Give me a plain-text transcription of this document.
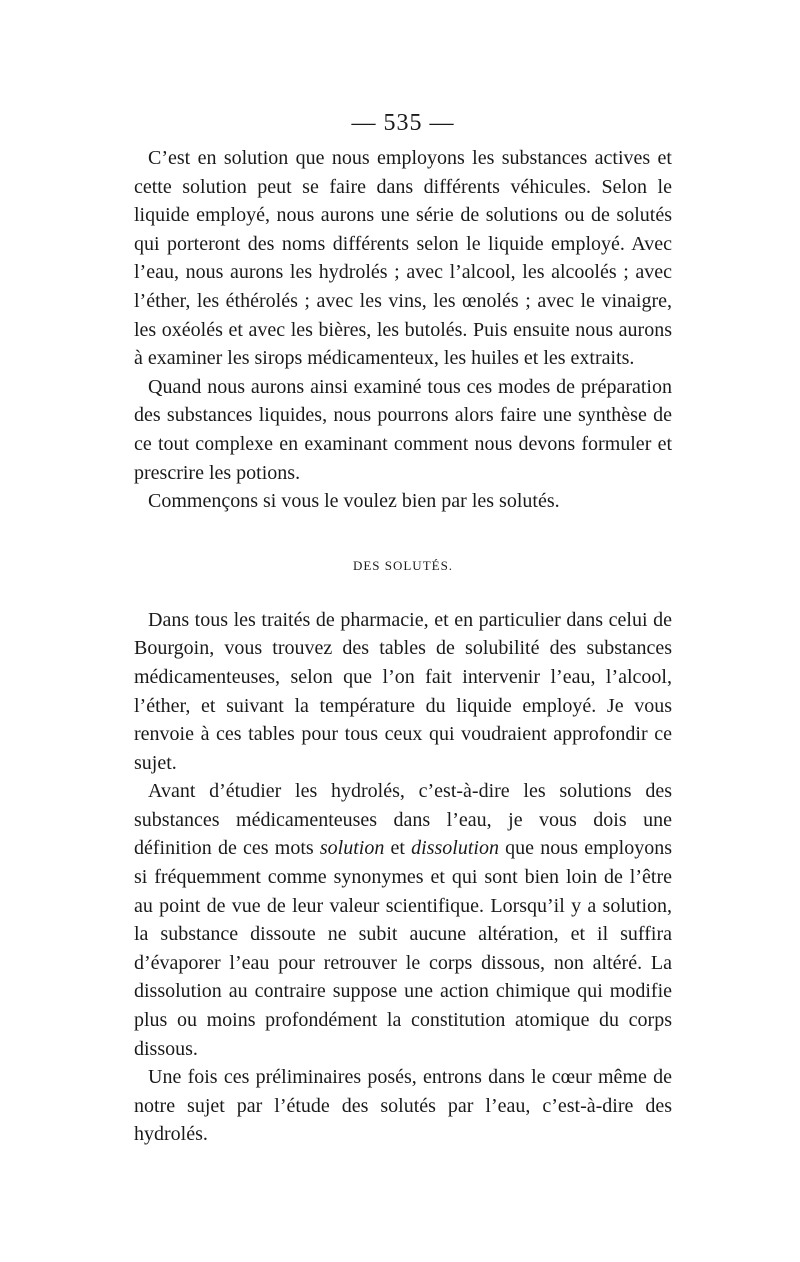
— 535 —

C’est en solution que nous employons les substances actives et cette solution peut se faire dans différents véhicules. Selon le liquide employé, nous aurons une série de solutions ou de solutés qui porteront des noms différents selon le liquide employé. Avec l’eau, nous aurons les hydrolés ; avec l’alcool, les alcoolés ; avec l’éther, les éthérolés ; avec les vins, les œnolés ; avec le vinaigre, les oxéolés et avec les bières, les butolés. Puis ensuite nous aurons à examiner les sirops médicamenteux, les huiles et les extraits.

Quand nous aurons ainsi examiné tous ces modes de préparation des substances liquides, nous pourrons alors faire une synthèse de ce tout complexe en examinant comment nous devons formuler et prescrire les potions.

Commençons si vous le voulez bien par les solutés.

DES SOLUTÉS.

Dans tous les traités de pharmacie, et en particulier dans celui de Bourgoin, vous trouvez des tables de solubilité des substances médicamenteuses, selon que l’on fait intervenir l’eau, l’alcool, l’éther, et suivant la température du liquide employé. Je vous renvoie à ces tables pour tous ceux qui voudraient approfondir ce sujet.

Avant d’étudier les hydrolés, c’est-à-dire les solutions des substances médicamenteuses dans l’eau, je vous dois une définition de ces mots solution et dissolution que nous employons si fréquemment comme synonymes et qui sont bien loin de l’être au point de vue de leur valeur scientifique. Lorsqu’il y a solution, la substance dissoute ne subit aucune altération, et il suffira d’évaporer l’eau pour retrouver le corps dissous, non altéré. La dissolution au contraire suppose une action chimique qui modifie plus ou moins profondément la constitution atomique du corps dissous.

Une fois ces préliminaires posés, entrons dans le cœur même de notre sujet par l’étude des solutés par l’eau, c’est-à-dire des hydrolés.
